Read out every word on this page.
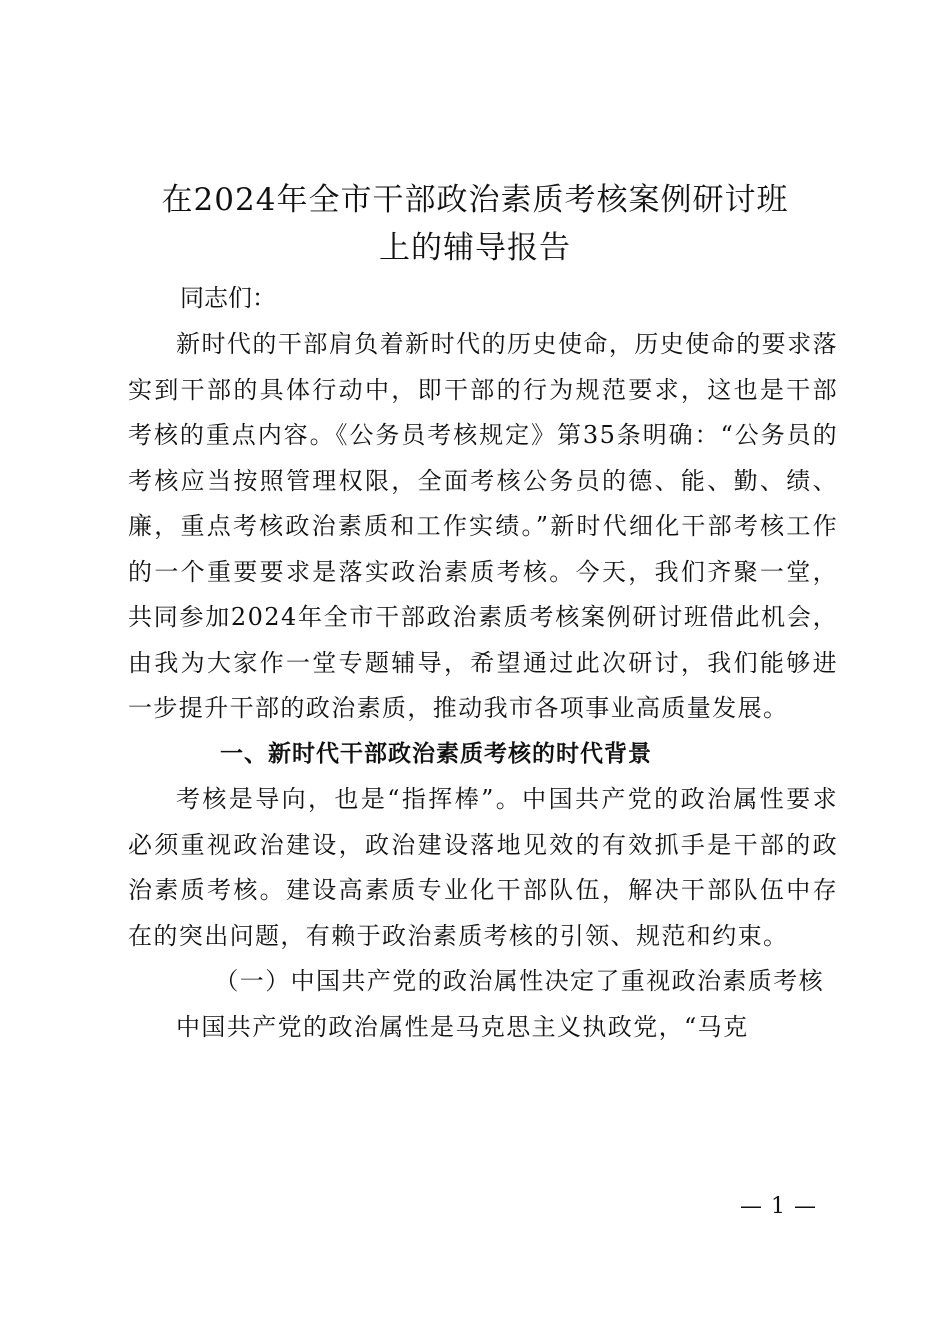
在2024年全市干部政治素质考核案例研讨班
上的辅导报告

同志们：

新时代的干部肩负着新时代的历史使命，历史使命的要求落实到干部的具体行动中，即干部的行为规范要求，这也是干部考核的重点内容。《公务员考核规定》第35条明确：“公务员的考核应当按照管理权限，全面考核公务员的德、能、勤、绩、廉，重点考核政治素质和工作实绩。”新时代细化干部考核工作的一个重要要求是落实政治素质考核。今天，我们齐聚一堂，共同参加2024年全市干部政治素质考核案例研讨班借此机会，由我为大家作一堂专题辅导，希望通过此次研讨，我们能够进一步提升干部的政治素质，推动我市各项事业高质量发展。

一、新时代干部政治素质考核的时代背景

考核是导向，也是“指挥棒”。中国共产党的政治属性要求必须重视政治建设，政治建设落地见效的有效抓手是干部的政治素质考核。建设高素质专业化干部队伍，解决干部队伍中存在的突出问题，有赖于政治素质考核的引领、规范和约束。

（一）中国共产党的政治属性决定了重视政治素质考核

中国共产党的政治属性是马克思主义执政党，“马克

— 1 —
